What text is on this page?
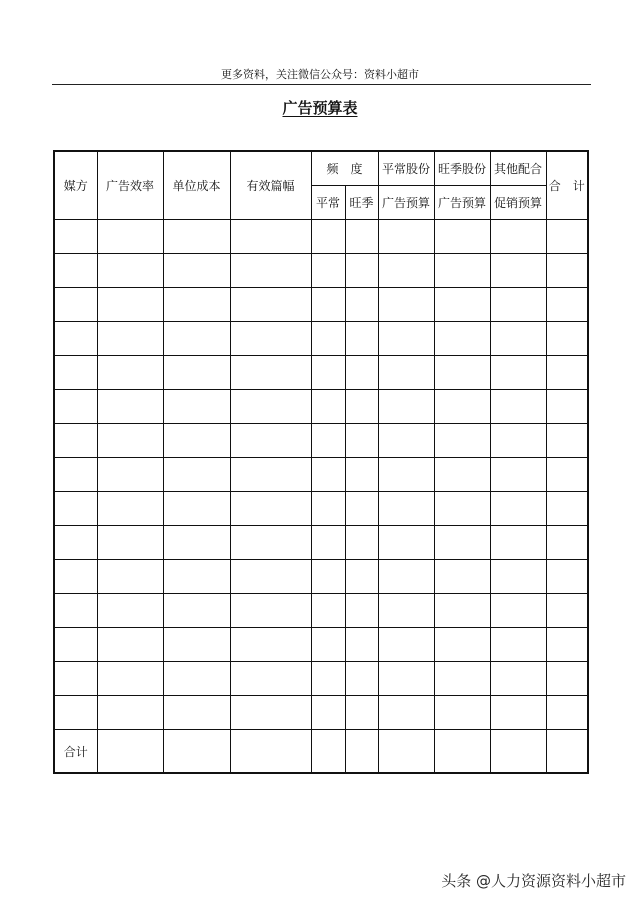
更多资料，关注微信公众号：资料小超市
广告预算表
媒方	广告效率	单位成本	有效篇幅	频　度		平常股份	旺季股份	其他配合	合　计
				平常	旺季	广告预算	广告预算	促销预算	

合计									
头条 @人力资源资料小超市
